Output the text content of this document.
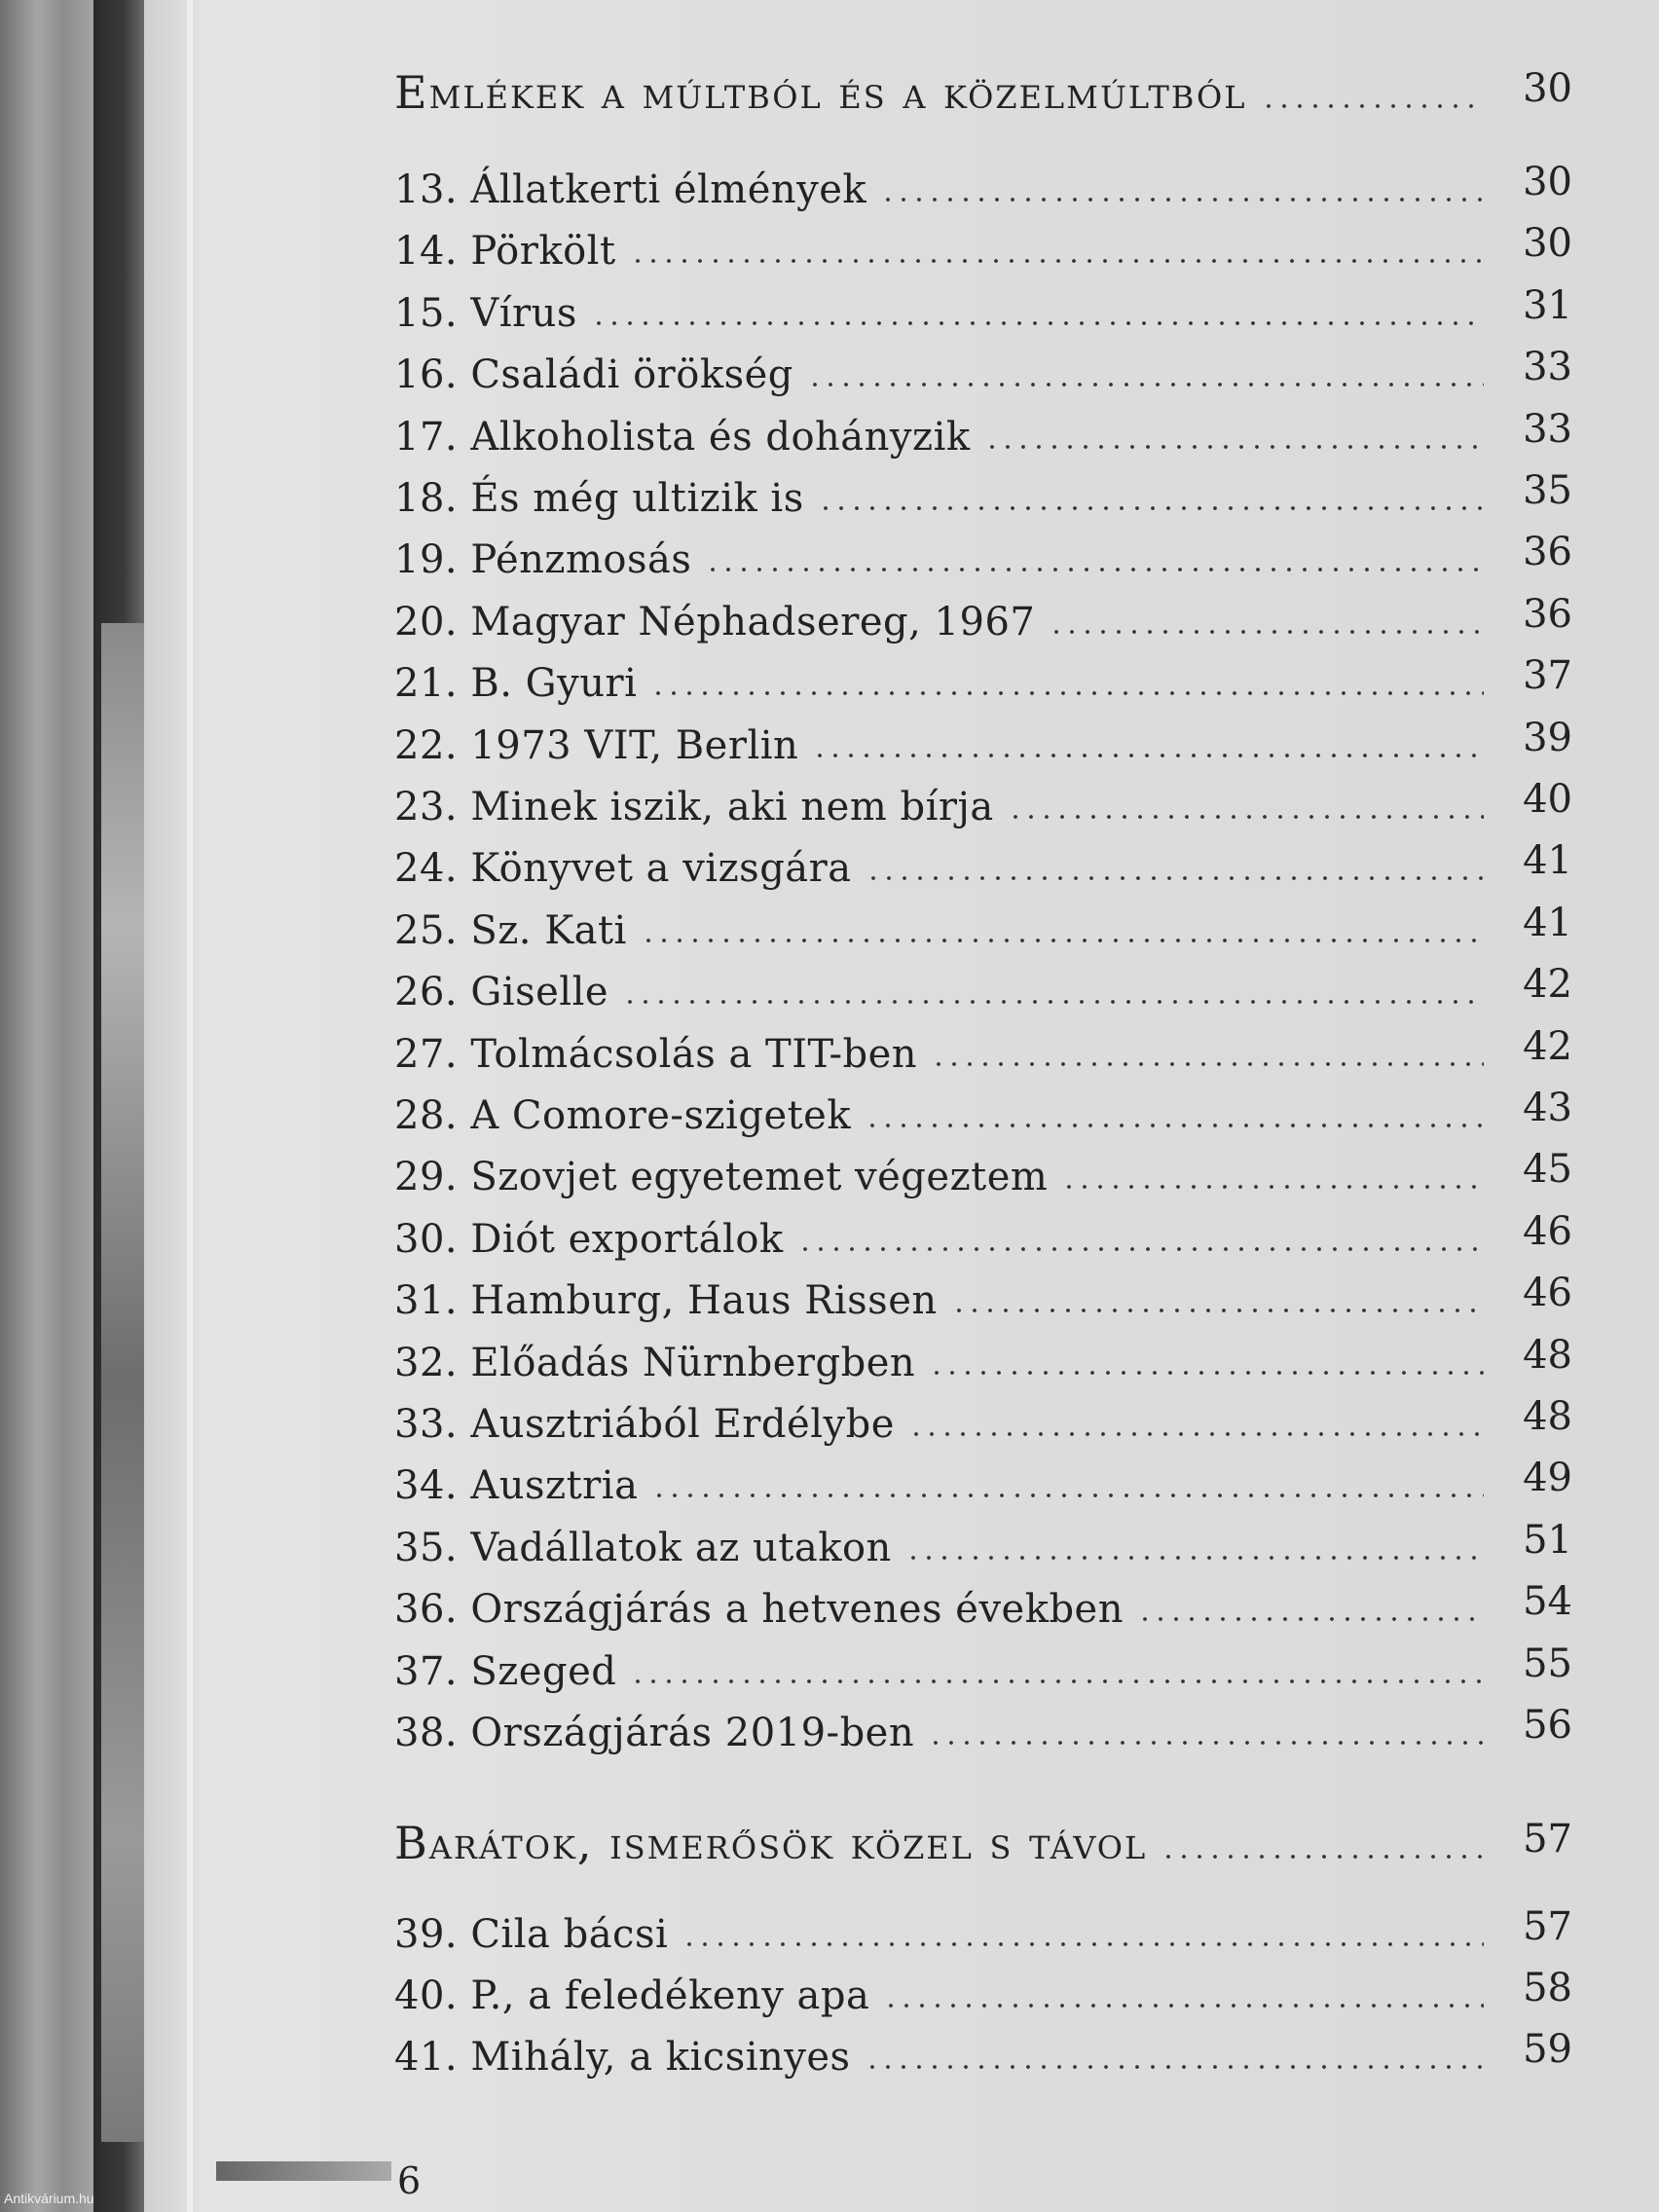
Emlékek a múltból és a közelmúltból	30
13. Állatkerti élmények	30
14. Pörkölt	30
15. Vírus	31
16. Családi örökség	33
17. Alkoholista és dohányzik	33
18. És még ultizik is	35
19. Pénzmosás	36
20. Magyar Néphadsereg, 1967	36
21. B. Gyuri	37
22. 1973 VIT, Berlin	39
23. Minek iszik, aki nem bírja	40
24. Könyvet a vizsgára	41
25. Sz. Kati	41
26. Giselle	42
27. Tolmácsolás a TIT-ben	42
28. A Comore-szigetek	43
29. Szovjet egyetemet végeztem	45
30. Diót exportálok	46
31. Hamburg, Haus Rissen	46
32. Előadás Nürnbergben	48
33. Ausztriából Erdélybe	48
34. Ausztria	49
35. Vadállatok az utakon	51
36. Országjárás a hetvenes években	54
37. Szeged	55
38. Országjárás 2019-ben	56
Barátok, ismerősök közel s távol	57
39. Cila bácsi	57
40. P., a feledékeny apa	58
41. Mihály, a kicsinyes	59
6
Antikvárium.hu
